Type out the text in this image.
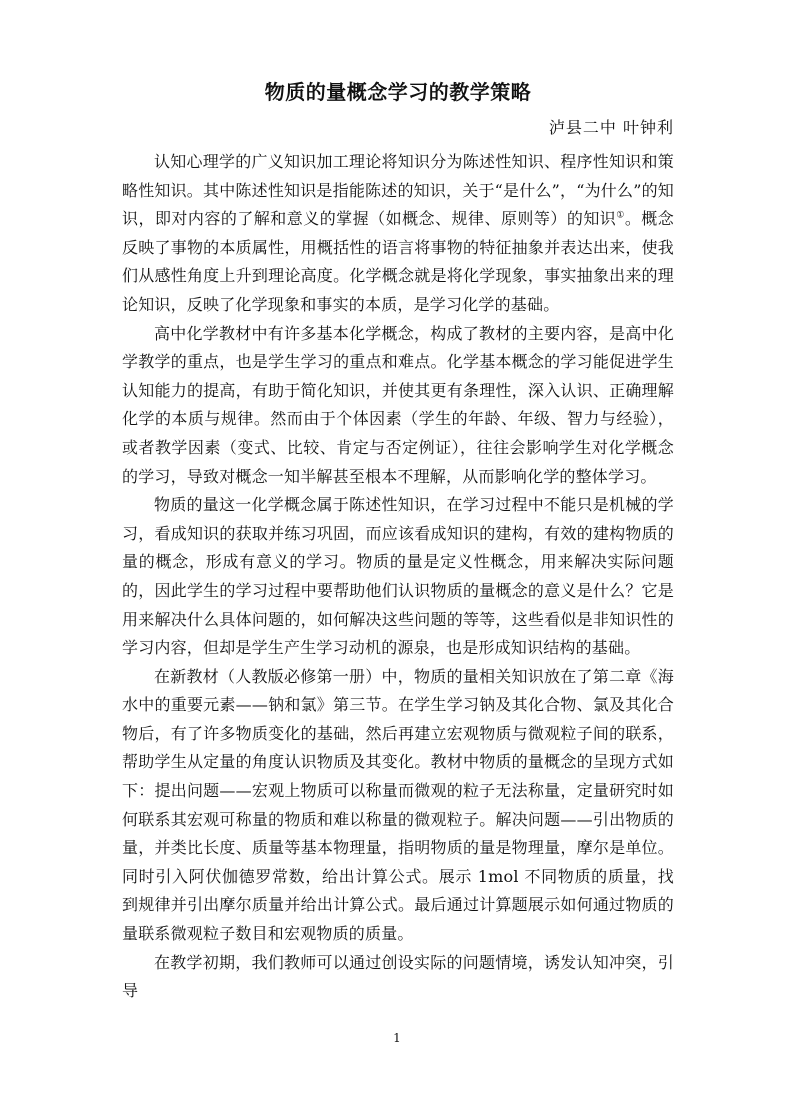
物质的量概念学习的教学策略
泸县二中 叶钟利

认知心理学的广义知识加工理论将知识分为陈述性知识、程序性知识和策略性知识。其中陈述性知识是指能陈述的知识，关于“是什么”，“为什么”的知识，即对内容的了解和意义的掌握（如概念、规律、原则等）的知识①。概念反映了事物的本质属性，用概括性的语言将事物的特征抽象并表达出来，使我们从感性角度上升到理论高度。化学概念就是将化学现象，事实抽象出来的理论知识，反映了化学现象和事实的本质，是学习化学的基础。

高中化学教材中有许多基本化学概念，构成了教材的主要内容，是高中化学教学的重点，也是学生学习的重点和难点。化学基本概念的学习能促进学生认知能力的提高，有助于简化知识，并使其更有条理性，深入认识、正确理解化学的本质与规律。然而由于个体因素（学生的年龄、年级、智力与经验），或者教学因素（变式、比较、肯定与否定例证），往往会影响学生对化学概念的学习，导致对概念一知半解甚至根本不理解，从而影响化学的整体学习。

物质的量这一化学概念属于陈述性知识，在学习过程中不能只是机械的学习，看成知识的获取并练习巩固，而应该看成知识的建构，有效的建构物质的量的概念，形成有意义的学习。物质的量是定义性概念，用来解决实际问题的，因此学生的学习过程中要帮助他们认识物质的量概念的意义是什么？它是用来解决什么具体问题的，如何解决这些问题的等等，这些看似是非知识性的学习内容，但却是学生产生学习动机的源泉，也是形成知识结构的基础。

在新教材（人教版必修第一册）中，物质的量相关知识放在了第二章《海水中的重要元素——钠和氯》第三节。在学生学习钠及其化合物、氯及其化合物后，有了许多物质变化的基础，然后再建立宏观物质与微观粒子间的联系，帮助学生从定量的角度认识物质及其变化。教材中物质的量概念的呈现方式如下：提出问题——宏观上物质可以称量而微观的粒子无法称量，定量研究时如何联系其宏观可称量的物质和难以称量的微观粒子。解决问题——引出物质的量，并类比长度、质量等基本物理量，指明物质的量是物理量，摩尔是单位。同时引入阿伏伽德罗常数，给出计算公式。展示 1mol 不同物质的质量，找到规律并引出摩尔质量并给出计算公式。最后通过计算题展示如何通过物质的量联系微观粒子数目和宏观物质的质量。

在教学初期，我们教师可以通过创设实际的问题情境，诱发认知冲突，引导

1
